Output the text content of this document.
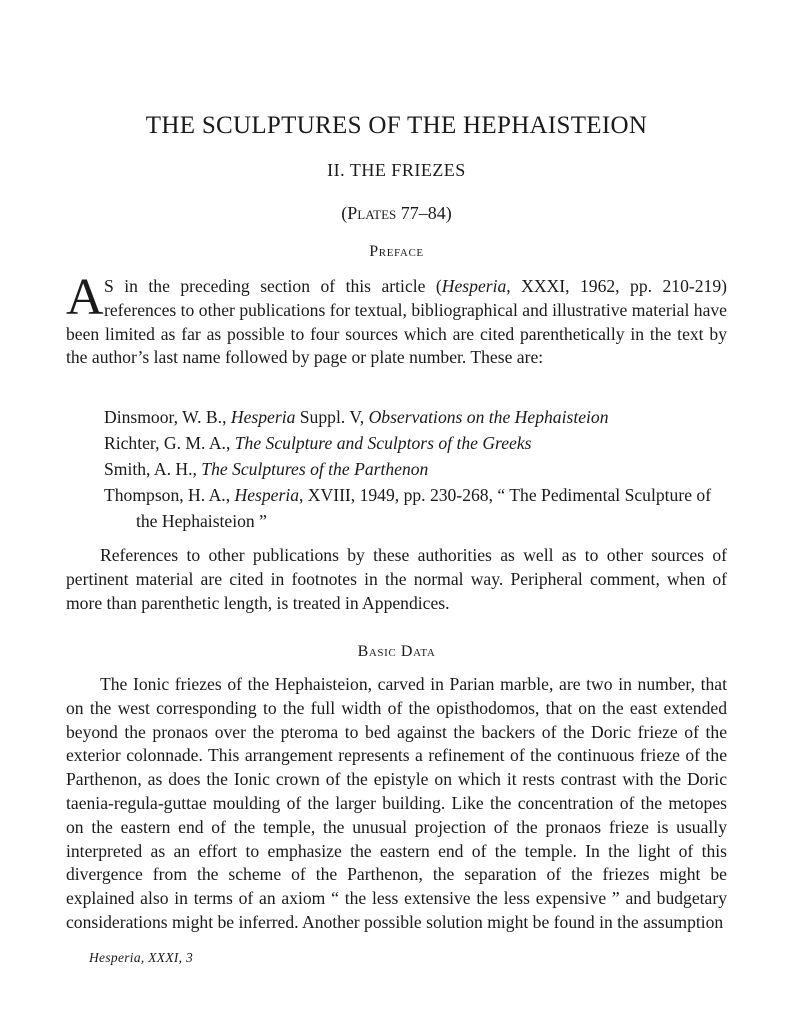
THE SCULPTURES OF THE HEPHAISTEION
II. THE FRIEZES
(Plates 77–84)
Preface

A S in the preceding section of this article (Hesperia, XXXI, 1962, pp. 210-219) references to other publications for textual, bibliographical and illustrative material have been limited as far as possible to four sources which are cited parenthetically in the text by the author’s last name followed by page or plate number. These are:

Dinsmoor, W. B., Hesperia Suppl. V, Observations on the Hephaisteion
Richter, G. M. A., The Sculpture and Sculptors of the Greeks
Smith, A. H., The Sculptures of the Parthenon
Thompson, H. A., Hesperia, XVIII, 1949, pp. 230-268, “ The Pedimental Sculpture of the Hephaisteion ”

References to other publications by these authorities as well as to other sources of pertinent material are cited in footnotes in the normal way. Peripheral comment, when of more than parenthetic length, is treated in Appendices.

Basic Data

The Ionic friezes of the Hephaisteion, carved in Parian marble, are two in number, that on the west corresponding to the full width of the opisthodomos, that on the east extended beyond the pronaos over the pteroma to bed against the backers of the Doric frieze of the exterior colonnade. This arrangement represents a refinement of the continuous frieze of the Parthenon, as does the Ionic crown of the epistyle on which it rests contrast with the Doric taenia-regula-guttae moulding of the larger building. Like the concentration of the metopes on the eastern end of the temple, the unusual projection of the pronaos frieze is usually interpreted as an effort to emphasize the eastern end of the temple. In the light of this divergence from the scheme of the Parthenon, the separation of the friezes might be explained also in terms of an axiom “ the less extensive the less expensive ” and budgetary considerations might be inferred. Another possible solution might be found in the assumption

Hesperia, XXXI, 3
